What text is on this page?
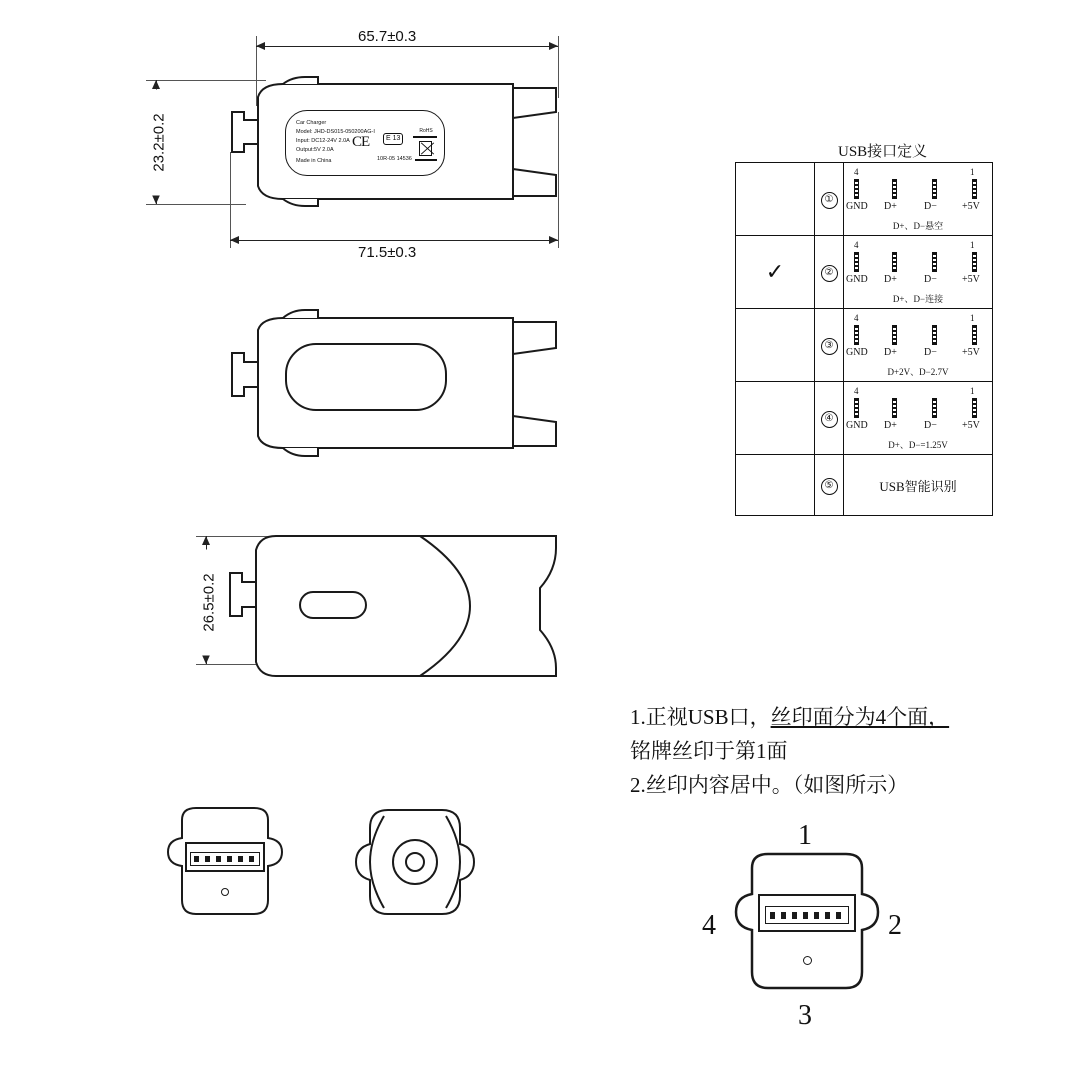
65.7±0.3
23.2±0.2	Car Charger
Model: JHD-DS015-050200AG-I
Input: DC12-24V 2.0A
Output:5V 2.0A
Made in China
CE	E 13
10R-05 14536
RoHS
71.5±0.3
26.5±0.2
USB接口定义
	①	
4	1
GND D+	D−	+5V
D+、D−悬空

✓	②	
4	1
GND D+	D−	+5V
D+、D−连接

	③	
4	1
GND D+	D−	+5V
D+2V、D−2.7V

	④	
4	1
GND D+	D−	+5V
D+、D−=1.25V

	⑤	USB智能识别
1.正视USB口，丝印面分为4个面，
铭牌丝印于第1面
2.丝印内容居中。（如图所示）
1
2
3
4
